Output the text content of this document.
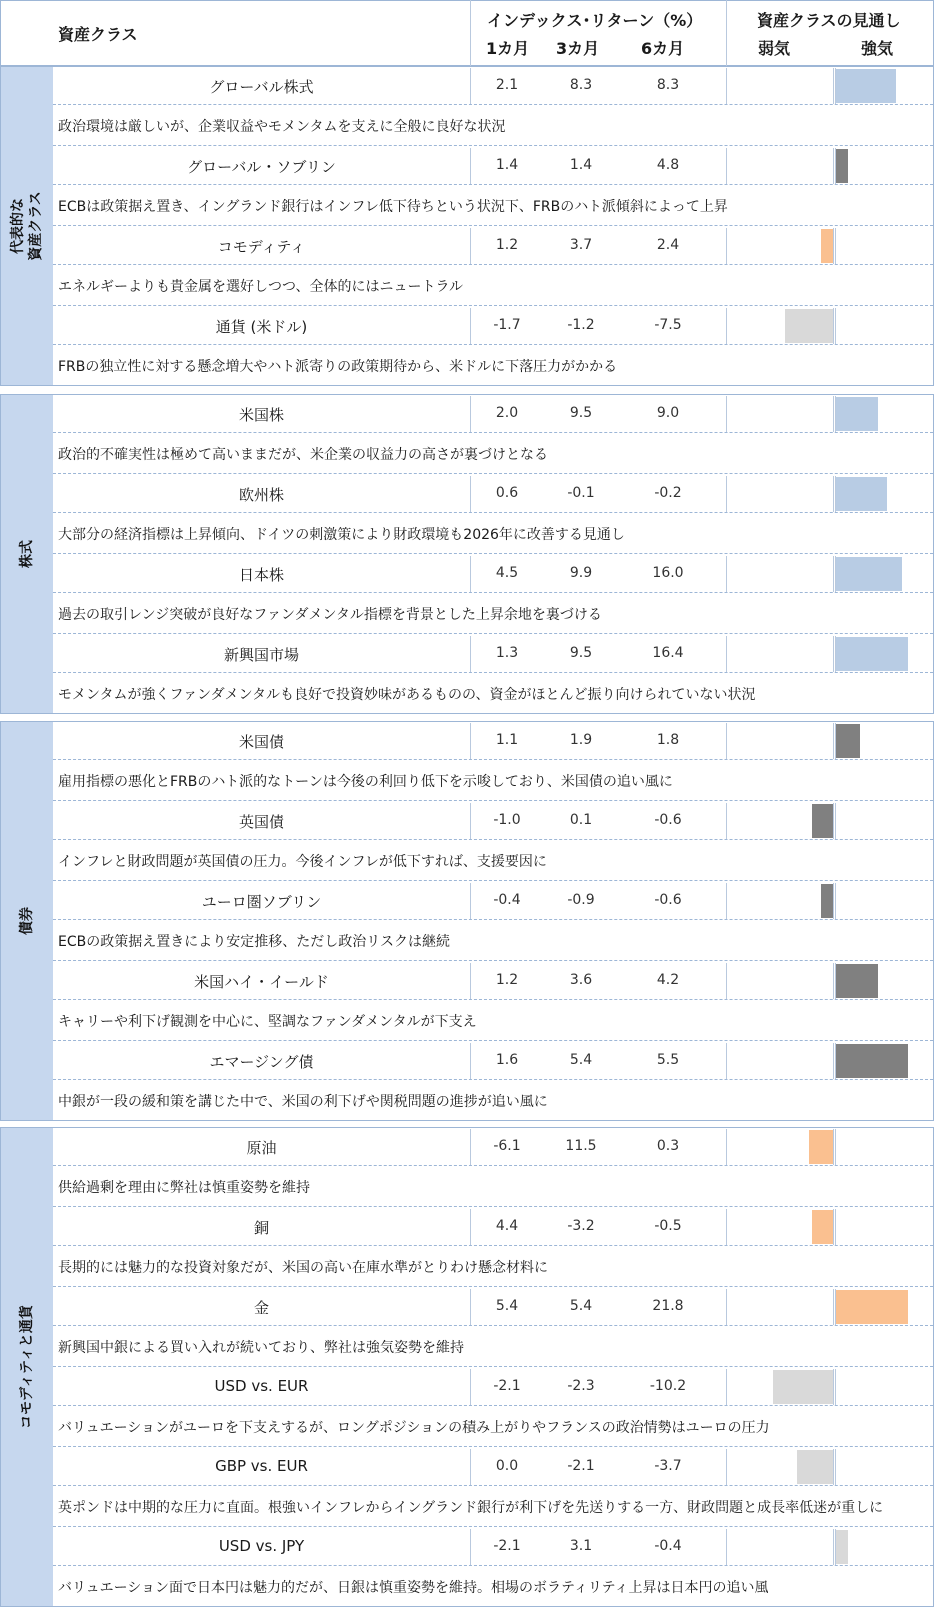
資産クラス
インデックス･リターン（%）
1カ月 3カ月	6カ月
資産クラスの見通し
弱気	強気
代表的な 資産クラス
グローバル株式	2.1	8.3	8.3
政治環境は厳しいが、企業収益やモメンタムを支えに全般に良好な状況
グローバル・ソブリン	1.4	1.4	4.8
ECBは政策据え置き、イングランド銀行はインフレ低下待ちという状況下、FRBのハト派傾斜によって上昇
コモディティ	1.2	3.7	2.4
エネルギーよりも貴金属を選好しつつ、全体的にはニュートラル
通貨 (米ドル)	-1.7	-1.2	-7.5
FRBの独立性に対する懸念増大やハト派寄りの政策期待から、米ドルに下落圧力がかかる
株式
米国株	2.0	9.5	9.0
政治的不確実性は極めて高いままだが、米企業の収益力の高さが裏づけとなる
欧州株	0.6	-0.1	-0.2
大部分の経済指標は上昇傾向、ドイツの刺激策により財政環境も2026年に改善する見通し
日本株	4.5	9.9	16.0
過去の取引レンジ突破が良好なファンダメンタル指標を背景とした上昇余地を裏づける
新興国市場	1.3	9.5	16.4
モメンタムが強くファンダメンタルも良好で投資妙味があるものの、資金がほとんど振り向けられていない状況
債券
米国債	1.1	1.9	1.8
雇用指標の悪化とFRBのハト派的なトーンは今後の利回り低下を示唆しており、米国債の追い風に
英国債	-1.0	0.1	-0.6
インフレと財政問題が英国債の圧力。今後インフレが低下すれば、支援要因に
ユーロ圏ソブリン	-0.4	-0.9	-0.6
ECBの政策据え置きにより安定推移、ただし政治リスクは継続
米国ハイ・イールド	1.2	3.6	4.2
キャリーや利下げ観測を中心に、堅調なファンダメンタルが下支え
エマージング債	1.6	5.4	5.5
中銀が一段の緩和策を講じた中で、米国の利下げや関税問題の進捗が追い風に
コモディティと通貨
原油	-6.1	11.5	0.3
供給過剰を理由に弊社は慎重姿勢を維持
銅	4.4	-3.2	-0.5
長期的には魅力的な投資対象だが、米国の高い在庫水準がとりわけ懸念材料に
金	5.4	5.4	21.8
新興国中銀による買い入れが続いており、弊社は強気姿勢を維持
USD vs. EUR	-2.1	-2.3	-10.2
バリュエーションがユーロを下支えするが、ロングポジションの積み上がりやフランスの政治情勢はユーロの圧力
GBP vs. EUR	0.0	-2.1	-3.7
英ポンドは中期的な圧力に直面。根強いインフレからイングランド銀行が利下げを先送りする一方、財政問題と成長率低迷が重しに
USD vs. JPY	-2.1	3.1	-0.4
バリュエーション面で日本円は魅力的だが、日銀は慎重姿勢を維持。相場のボラティリティ上昇は日本円の追い風
